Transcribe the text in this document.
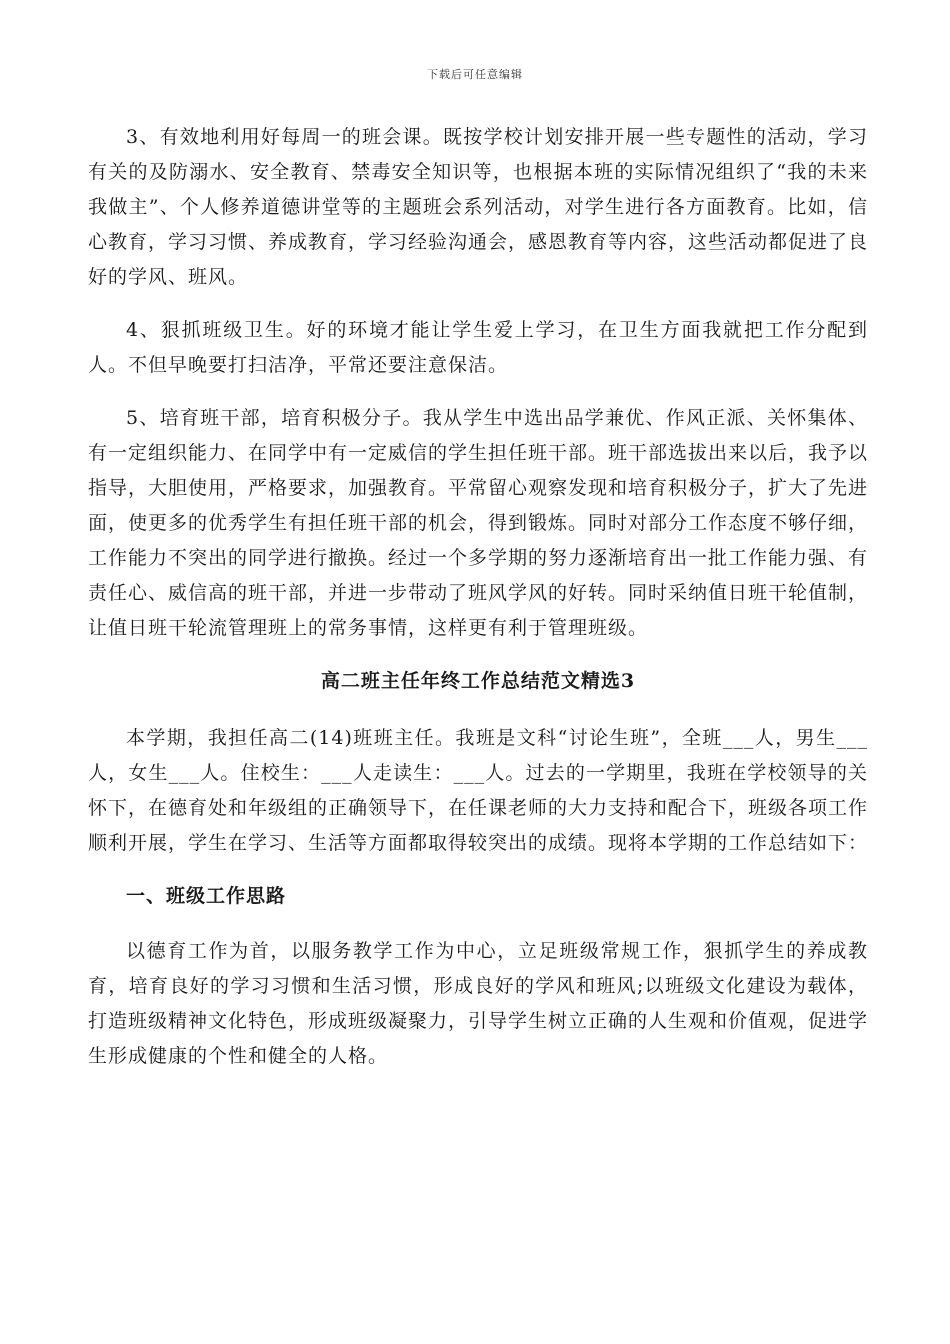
下载后可任意编辑

3、有效地利用好每周一的班会课。既按学校计划安排开展一些专题性的活动，学习有关的及防溺水、安全教育、禁毒安全知识等，也根据本班的实际情况组织了“我的未来我做主”、个人修养道德讲堂等的主题班会系列活动，对学生进行各方面教育。比如，信心教育，学习习惯、养成教育，学习经验沟通会，感恩教育等内容，这些活动都促进了良好的学风、班风。

4、狠抓班级卫生。好的环境才能让学生爱上学习，在卫生方面我就把工作分配到人。不但早晚要打扫洁净，平常还要注意保洁。

5、培育班干部，培育积极分子。我从学生中选出品学兼优、作风正派、关怀集体、有一定组织能力、在同学中有一定威信的学生担任班干部。班干部选拔出来以后，我予以指导，大胆使用，严格要求，加强教育。平常留心观察发现和培育积极分子，扩大了先进面，使更多的优秀学生有担任班干部的机会，得到锻炼。同时对部分工作态度不够仔细，工作能力不突出的同学进行撤换。经过一个多学期的努力逐渐培育出一批工作能力强、有责任心、威信高的班干部，并进一步带动了班风学风的好转。同时采纳值日班干轮值制，让值日班干轮流管理班上的常务事情，这样更有利于管理班级。

高二班主任年终工作总结范文精选3

本学期，我担任高二(14)班班主任。我班是文科“讨论生班”，全班___人，男生___人，女生___人。住校生：___人走读生：___人。过去的一学期里，我班在学校领导的关怀下，在德育处和年级组的正确领导下，在任课老师的大力支持和配合下，班级各项工作顺利开展，学生在学习、生活等方面都取得较突出的成绩。现将本学期的工作总结如下：

一、班级工作思路

以德育工作为首，以服务教学工作为中心，立足班级常规工作，狠抓学生的养成教育，培育良好的学习习惯和生活习惯，形成良好的学风和班风;以班级文化建设为载体，打造班级精神文化特色，形成班级凝聚力，引导学生树立正确的人生观和价值观，促进学生形成健康的个性和健全的人格。
